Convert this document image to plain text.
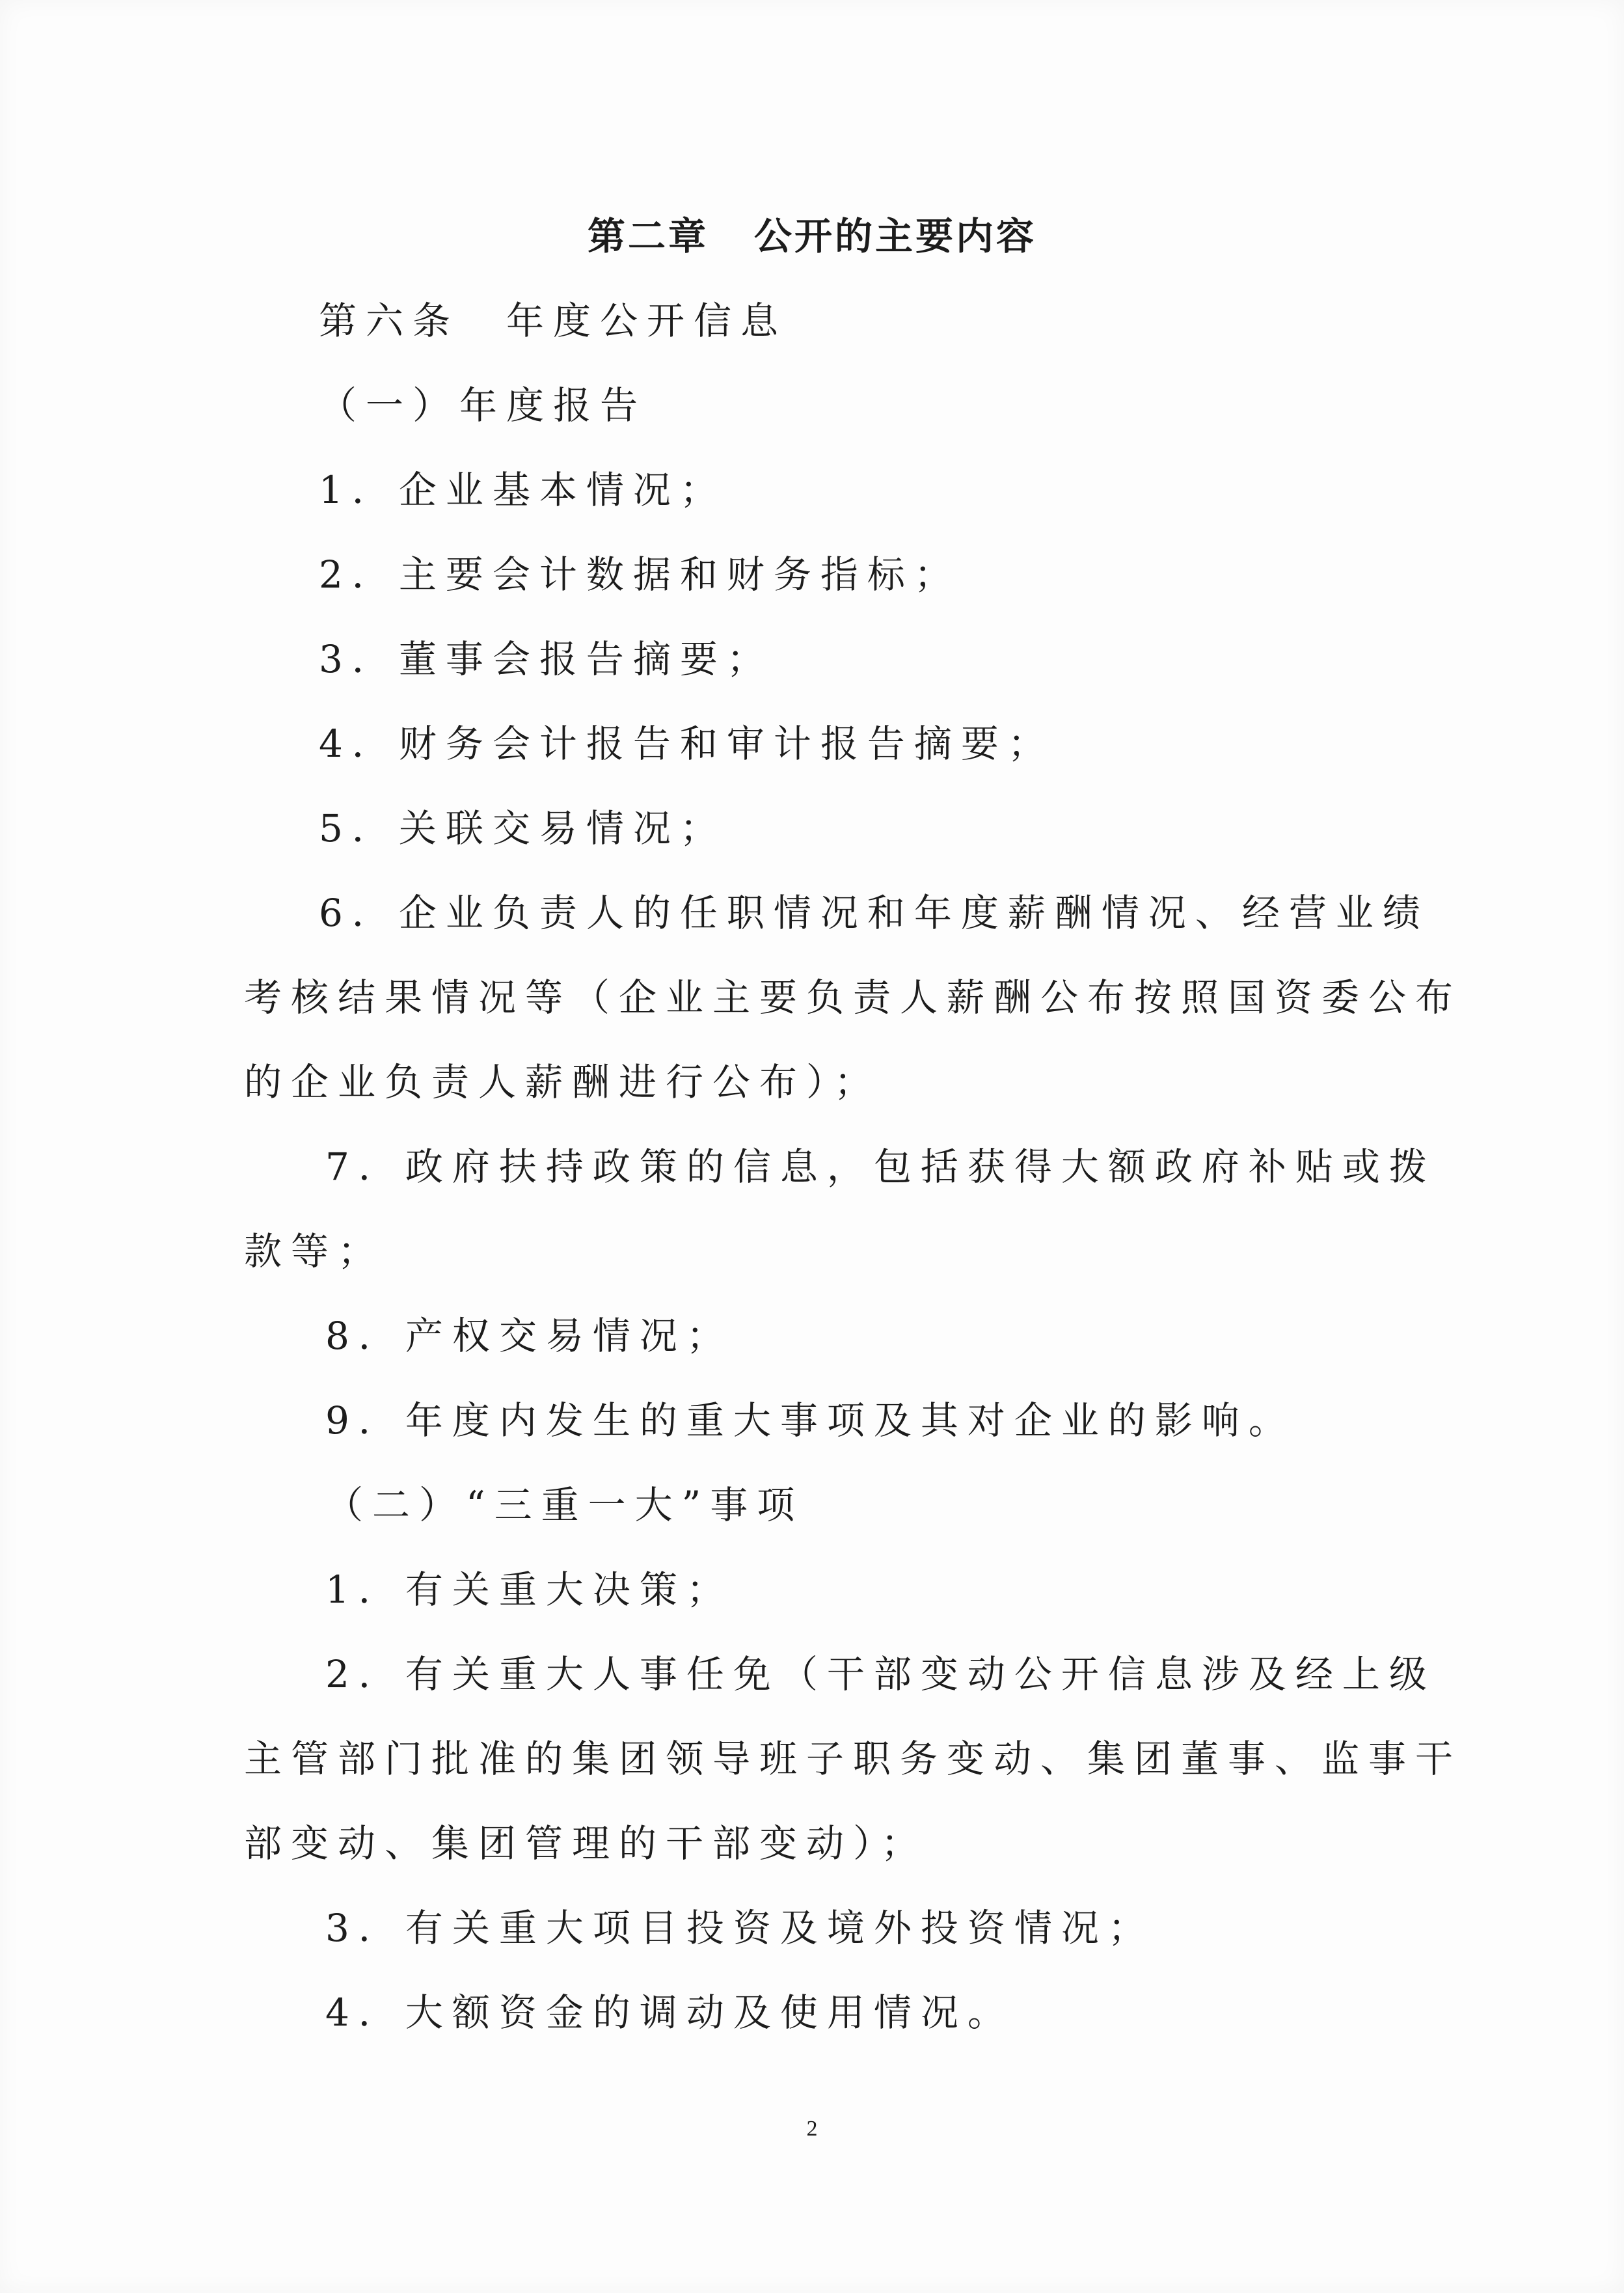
第二章 公开的主要内容
第六条　年度公开信息
（一）年度报告
1．企业基本情况；
2．主要会计数据和财务指标；
3．董事会报告摘要；
4．财务会计报告和审计报告摘要；
5．关联交易情况；
6．企业负责人的任职情况和年度薪酬情况、经营业绩
考核结果情况等（企业主要负责人薪酬公布按照国资委公布
的企业负责人薪酬进行公布）；
7．政府扶持政策的信息，包括获得大额政府补贴或拨
款等；
8．产权交易情况；
9．年度内发生的重大事项及其对企业的影响。
（二）“三重一大”事项
1．有关重大决策；
2．有关重大人事任免（干部变动公开信息涉及经上级
主管部门批准的集团领导班子职务变动、集团董事、监事干
部变动、集团管理的干部变动）；
3．有关重大项目投资及境外投资情况；
4．大额资金的调动及使用情况。
2
